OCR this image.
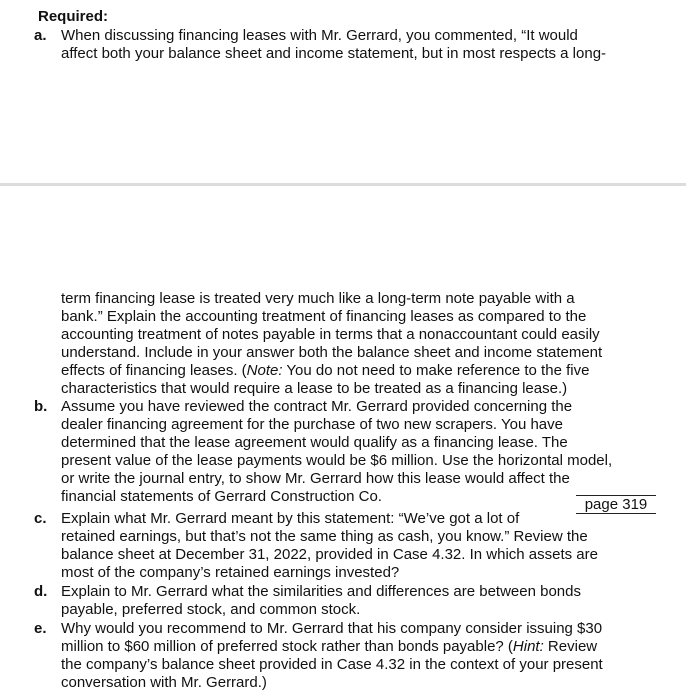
Required:
a. When discussing financing leases with Mr. Gerrard, you commented, “It would
affect both your balance sheet and income statement, but in most respects a long-
term financing lease is treated very much like a long-term note payable with a
bank.” Explain the accounting treatment of financing leases as compared to the
accounting treatment of notes payable in terms that a nonaccountant could easily
understand. Include in your answer both the balance sheet and income statement
effects of financing leases. (Note: You do not need to make reference to the five
characteristics that would require a lease to be treated as a financing lease.)
b. Assume you have reviewed the contract Mr. Gerrard provided concerning the
dealer financing agreement for the purchase of two new scrapers. You have
determined that the lease agreement would qualify as a financing lease. The
present value of the lease payments would be $6 million. Use the horizontal model,
or write the journal entry, to show Mr. Gerrard how this lease would affect the
financial statements of Gerrard Construction Co.	page 319
c. Explain what Mr. Gerrard meant by this statement: “We’ve got a lot of
retained earnings, but that’s not the same thing as cash, you know.” Review the
balance sheet at December 31, 2022, provided in Case 4.32. In which assets are
most of the company’s retained earnings invested?
d. Explain to Mr. Gerrard what the similarities and differences are between bonds
payable, preferred stock, and common stock.
e. Why would you recommend to Mr. Gerrard that his company consider issuing $30
million to $60 million of preferred stock rather than bonds payable? (Hint: Review
the company’s balance sheet provided in Case 4.32 in the context of your present
conversation with Mr. Gerrard.)
